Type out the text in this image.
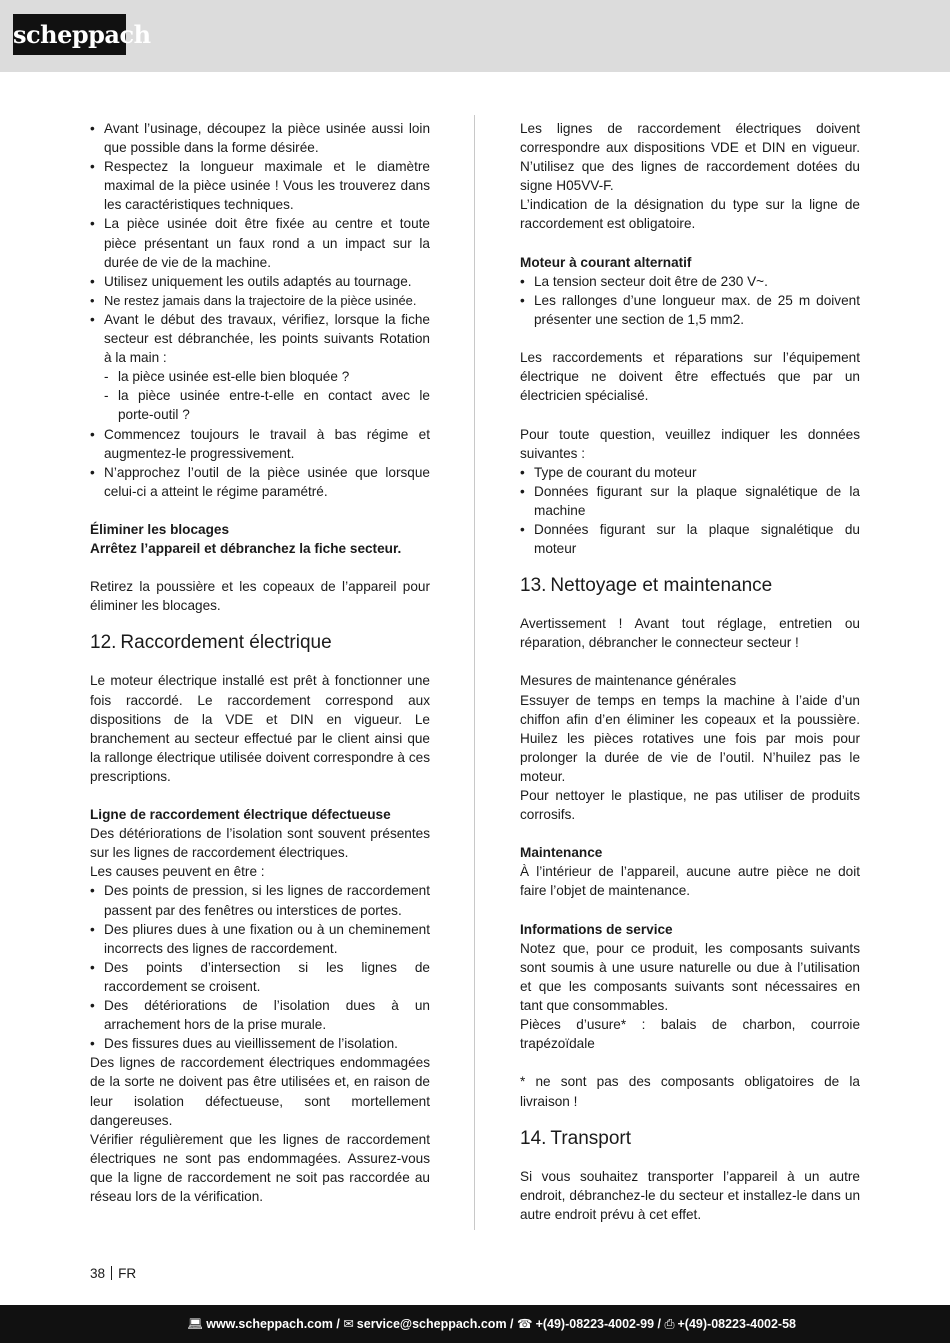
scheppach
• Avant l’usinage, découpez la pièce usinée aussi loin que possible dans la forme désirée.
• Respectez la longueur maximale et le diamètre maximal de la pièce usinée ! Vous les trouverez dans les caractéristiques techniques.
• La pièce usinée doit être fixée au centre et toute pièce présentant un faux rond a un impact sur la durée de vie de la machine.
• Utilisez uniquement les outils adaptés au tournage.
• Ne restez jamais dans la trajectoire de la pièce usinée.
• Avant le début des travaux, vérifiez, lorsque la fiche secteur est débranchée, les points suivants Rotation à la main :
- la pièce usinée est-elle bien bloquée ?
- la pièce usinée entre-t-elle en contact avec le porte-outil ?
• Commencez toujours le travail à bas régime et augmentez-le progressivement.
• N’approchez l’outil de la pièce usinée que lorsque celui-ci a atteint le régime paramétré.

Éliminer les blocages

Arrêtez l’appareil et débranchez la fiche secteur.

Retirez la poussière et les copeaux de l’appareil pour éliminer les blocages.

12. Raccordement électrique

Le moteur électrique installé est prêt à fonctionner une fois raccordé. Le raccordement correspond aux dispositions de la VDE et DIN en vigueur. Le branchement au secteur effectué par le client ainsi que la rallonge électrique utilisée doivent correspondre à ces prescriptions.

Ligne de raccordement électrique défectueuse

Des détériorations de l’isolation sont souvent présentes sur les lignes de raccordement électriques.

Les causes peuvent en être :

• Des points de pression, si les lignes de raccordement passent par des fenêtres ou interstices de portes.
• Des pliures dues à une fixation ou à un cheminement incorrects des lignes de raccordement.
• Des points d’intersection si les lignes de raccordement se croisent.
• Des détériorations de l’isolation dues à un arrachement hors de la prise murale.
• Des fissures dues au vieillissement de l’isolation.

Des lignes de raccordement électriques endommagées de la sorte ne doivent pas être utilisées et, en raison de leur isolation défectueuse, sont mortellement dangereuses.

Vérifier régulièrement que les lignes de raccordement électriques ne sont pas endommagées. Assurez-vous que la ligne de raccordement ne soit pas raccordée au réseau lors de la vérification.

Les lignes de raccordement électriques doivent correspondre aux dispositions VDE et DIN en vigueur. N’utilisez que des lignes de raccordement dotées du signe H05VV-F.

L’indication de la désignation du type sur la ligne de raccordement est obligatoire.

Moteur à courant alternatif

• La tension secteur doit être de 230 V~.
• Les rallonges d’une longueur max. de 25 m doivent présenter une section de 1,5 mm2.

Les raccordements et réparations sur l’équipement électrique ne doivent être effectués que par un électricien spécialisé.

Pour toute question, veuillez indiquer les données suivantes :

• Type de courant du moteur
• Données figurant sur la plaque signalétique de la machine
• Données figurant sur la plaque signalétique du moteur
13. Nettoyage et maintenance

Avertissement ! Avant tout réglage, entretien ou réparation, débrancher le connecteur secteur !

Mesures de maintenance générales

Essuyer de temps en temps la machine à l’aide d’un chiffon afin d’en éliminer les copeaux et la poussière. Huilez les pièces rotatives une fois par mois pour prolonger la durée de vie de l’outil. N’huilez pas le moteur.

Pour nettoyer le plastique, ne pas utiliser de produits corrosifs.

Maintenance

À l’intérieur de l’appareil, aucune autre pièce ne doit faire l’objet de maintenance.

Informations de service

Notez que, pour ce produit, les composants suivants sont soumis à une usure naturelle ou due à l’utilisation et que les composants suivants sont nécessaires en tant que consommables.

Pièces d’usure* : balais de charbon, courroie trapézoïdale

* ne sont pas des composants obligatoires de la livraison !

14. Transport

Si vous souhaitez transporter l’appareil à un autre endroit, débranchez-le du secteur et installez-le dans un autre endroit prévu à cet effet.

38 FR
💻︎ www.scheppach.com / ✉ service@scheppach.com / ☎ +(49)-08223-4002-99 / ⎙ +(49)-08223-4002-58
